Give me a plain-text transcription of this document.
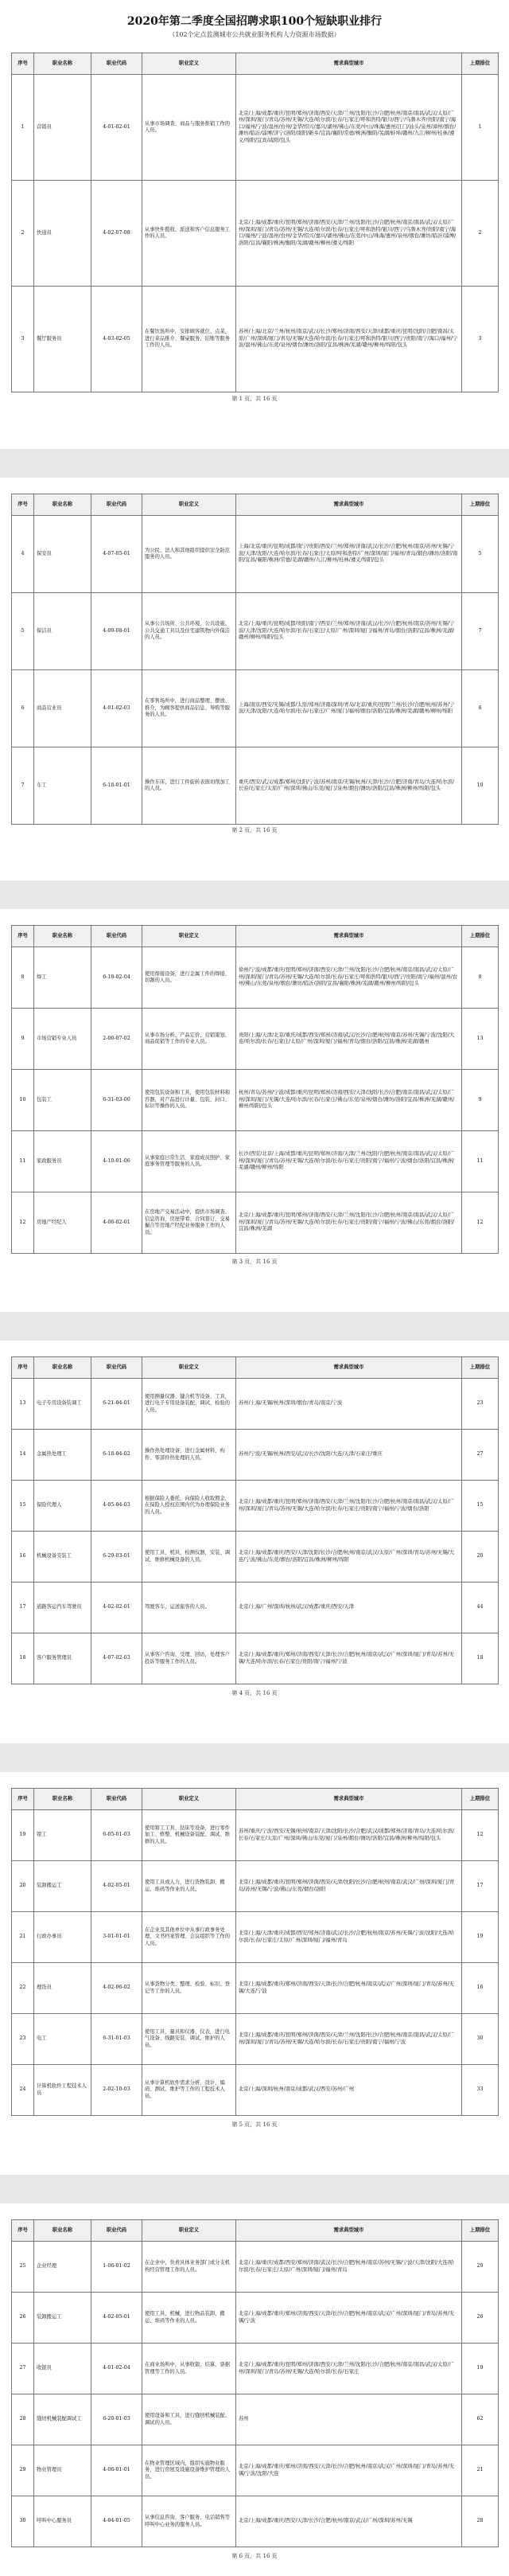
2020年第二季度全国招聘求职100个短缺职业排行
（102个定点监测城市公共就业服务机构人力资源市场数据）
序号	职业名称	职业代码	职业定义	需求典型城市	上期排位
1	营销员	4-01-02-01	从事市场调查、商品与服务推销工作的人员。	北京/上海/成都/重庆/昆明/郑州/济南/西安/天津/兰州/沈阳/长沙/合肥/杭州/南京/南昌/武汉/太原/广州/深圳/厦门/青岛/苏州/无锡/大连/哈尔滨/长春/石家庄/呼和浩特/银川/西宁/乌鲁木齐/贵阳/南宁/海口/福州/宁波/温州/台州/金华/绍兴/嘉兴/湖州/佛山/东莞/中山/珠海/惠州/江门/汕头/泉州/漳州/烟台/潍坊/临沂/淄博/济宁/洛阳/南阳/新乡/宜昌/襄阳/常德/株洲/衡阳/芜湖/蚌埠/赣州/九江/柳州/桂林/遵义/绵阳/宜宾/咸阳/包头	1
2	快递员	4-02-07-08	从事快件揽收、派送和客户信息服务工作的人员。	北京/上海/成都/重庆/昆明/郑州/济南/西安/天津/兰州/沈阳/长沙/合肥/杭州/南京/南昌/武汉/太原/广州/深圳/厦门/青岛/苏州/无锡/大连/哈尔滨/长春/石家庄/呼和浩特/银川/西宁/乌鲁木齐/贵阳/南宁/海口/福州/宁波/温州/台州/金华/绍兴/嘉兴/湖州/佛山/东莞/中山/珠海/惠州/泉州/烟台/潍坊/临沂/淄博/洛阳/宜昌/襄阳/株洲/衡阳/芜湖/赣州/柳州/遵义/绵阳	2
3	餐厅服务员	4-03-02-05	在餐饮场所中，安排顾客就位、点菜，进行菜品推介、餐桌服务、结账等服务工作的人员。	苏州/上海/北京/兰州/杭州/南京/武汉/长沙/郑州/济南/西安/天津/成都/重庆/昆明/沈阳/合肥/南昌/太原/广州/深圳/厦门/青岛/无锡/大连/哈尔滨/长春/石家庄/呼和浩特/银川/西宁/贵阳/南宁/海口/福州/宁波/温州/佛山/东莞/泉州/烟台/潍坊/洛阳/宜昌/株洲/芜湖/赣州/柳州/绵阳/包头	3
第 1 页，共 16 页
序号	职业名称	职业代码	职业定义	需求典型城市	上期排位
4	保安员	4-07-05-01	为公民、法人和其他组织提供安全防范服务的人员。	上海/北京/重庆/昆明/成都/南宁/贵阳/西安/兰州/郑州/济南/武汉/长沙/合肥/杭州/南京/苏州/无锡/宁波/天津/沈阳/大连/哈尔滨/长春/石家庄/太原/呼和浩特/广州/深圳/厦门/福州/青岛/烟台/潍坊/洛阳/南阳/宜昌/襄阳/株洲/常德/芜湖/赣州/九江/柳州/桂林/遵义/绵阳/包头	5
5	保洁员	4-09-08-01	从事公共场所、公共环境、公共设施、公共交通工具以及住宅建筑物内外保洁的人员。	北京/上海/重庆/昆明/成都/贵阳/南宁/西安/兰州/郑州/济南/武汉/长沙/合肥/杭州/南京/苏州/无锡/宁波/天津/沈阳/大连/哈尔滨/长春/石家庄/太原/广州/深圳/厦门/福州/青岛/烟台/洛阳/宜昌/株洲/芜湖/赣州/柳州/绵阳/包头	7
6	商品营业员	4-01-02-03	在零售场所中，进行商品整理、摆放、推介，为顾客提供商品信息、导购等服务的人员。	上海/南京/西安/无锡/成都/太原/郑州/济南/深圳/青岛/北京/重庆/昆明/兰州/长沙/合肥/杭州/苏州/宁波/天津/沈阳/大连/哈尔滨/长春/石家庄/广州/厦门/福州/烟台/洛阳/宜昌/株洲/芜湖/赣州/柳州/绵阳	6
7	车工	6-18-01-01	操作车床，进行工件旋转表面切削加工的人员。	重庆/西安/武汉/成都/郑州/沈阳/宁波/苏州/南京/无锡/杭州/天津/长沙/合肥/济南/青岛/大连/哈尔滨/长春/石家庄/太原/广州/深圳/佛山/东莞/厦门/泉州/烟台/潍坊/洛阳/宜昌/株洲/柳州/绵阳/包头	10
第 2 页，共 16 页
序号	职业名称	职业代码	职业定义	需求典型城市	上期排位
8	焊工	6-18-02-04	使用焊接设备，进行金属工件的焊接、切割的人员。	徐州/宁波/成都/重庆/昆明/郑州/济南/西安/天津/兰州/沈阳/长沙/合肥/杭州/南京/南昌/武汉/太原/广州/深圳/厦门/青岛/苏州/无锡/大连/哈尔滨/长春/石家庄/呼和浩特/银川/西宁/贵阳/南宁/福州/温州/台州/佛山/东莞/泉州/烟台/潍坊/临沂/洛阳/宜昌/襄阳/株洲/芜湖/赣州/柳州/绵阳/包头	8
9	市场营销专业人员	2-06-07-02	从事市场分析、产品定价、营销策划、商品促销等工作的专业人员。	贵阳/上海/天津/北京/重庆/成都/西安/郑州/济南/武汉/长沙/合肥/杭州/南京/苏州/无锡/宁波/沈阳/大连/哈尔滨/长春/石家庄/太原/广州/深圳/厦门/福州/青岛/烟台/洛阳/宜昌/株洲/芜湖/赣州	13
10	包装工	6-31-03-00	使用包装设备和工具，使用包装材料和容器，对产品进行计量、包装、封口、标识等操作的人员。	杭州/青岛/苏州/宁波/成都/重庆/昆明/郑州/济南/西安/天津/沈阳/长沙/合肥/南京/南昌/武汉/太原/广州/深圳/厦门/无锡/大连/哈尔滨/长春/石家庄/佛山/东莞/泉州/烟台/潍坊/洛阳/宜昌/株洲/芜湖/赣州/柳州/绵阳/包头	9
11	家政服务员	4-10-01-06	从事家庭日常生活、家庭成员照护、家庭事务管理等服务的人员。	长沙/西安/北京/上海/成都/重庆/昆明/郑州/济南/天津/兰州/沈阳/合肥/杭州/南京/南昌/武汉/太原/广州/深圳/厦门/青岛/苏州/无锡/大连/哈尔滨/长春/石家庄/贵阳/南宁/福州/宁波/烟台/洛阳/宜昌/株洲/芜湖/赣州/柳州/绵阳	11
12	房地产经纪人	4-06-02-01	在房地产交易活动中，提供市场调查、信息咨询、房屋带看、合同签订、交易撮合等房地产经纪业务服务工作的人员。	北京/上海/成都/重庆/昆明/郑州/济南/西安/天津/兰州/沈阳/长沙/合肥/杭州/南京/南昌/武汉/太原/广州/深圳/厦门/青岛/苏州/无锡/大连/哈尔滨/长春/石家庄/贵阳/南宁/福州/宁波/佛山/东莞/烟台/洛阳/宜昌/株洲/芜湖	12
第 3 页，共 16 页
序号	职业名称	职业代码	职业定义	需求典型城市	上期排位
13	电子专用设备装调工	6-21-04-01	使用测量仪器、键合机等设备、工具，进行电子专用设备装配、调试、检验的人员。	苏州/上海/无锡/杭州/深圳/烟台/青岛/南京/宁波	23
14	金属热处理工	6-18-04-02	操作热处理设备，进行金属材料、构件、零部件热处理的人员。	苏州/宁波/无锡/杭州/西安/武汉/长沙/沈阳/大连/天津/石家庄/重庆	27
15	保险代理人	4-05-04-03	根据保险人委托，向保险人收取佣金，在保险人授权范围内代为办理保险业务的人员。	北京/上海/成都/重庆/昆明/郑州/济南/西安/天津/兰州/沈阳/长沙/合肥/杭州/南京/南昌/武汉/太原/广州/深圳/厦门/青岛/苏州/无锡/大连/哈尔滨/长春/石家庄/贵阳/南宁/福州/宁波/烟台/洛阳	15
16	机械设备安装工	6-29-03-01	使用工具、机具、检测仪器，安装、调试、维修机械设备的人员。	北京/上海/成都/重庆/西安/天津/沈阳/长沙/合肥/杭州/南京/武汉/太原/广州/深圳/青岛/苏州/无锡/大连/宁波/佛山/东莞/烟台/洛阳/宜昌/株洲/柳州/绵阳	20
17	道路客运汽车驾驶员	4-02-02-01	驾驶客车，运送旅客的人员。	北京/上海/广州/深圳/杭州/武汉/成都/重庆/西安/天津	44
18	客户服务管理员	4-07-02-03	从事客户咨询、受理、回访，处理客户投诉等服务工作的人员。	北京/上海/成都/重庆/郑州/济南/西安/天津/长沙/合肥/杭州/南京/武汉/广州/深圳/厦门/青岛/苏州/无锡/大连/哈尔滨/长春/石家庄/贵阳/南宁/福州/宁波	18
第 4 页，共 16 页
序号	职业名称	职业代码	职业定义	需求典型城市	上期排位
19	钳工	6-05-01-03	使用钳工工具、钻床等设备，进行零件加工、修整、机械设备装配、调试、维修的人员。	苏州/重庆/宁波/西安/无锡/杭州/南京/天津/沈阳/长沙/合肥/武汉/成都/郑州/济南/青岛/大连/哈尔滨/长春/石家庄/太原/广州/深圳/佛山/东莞/厦门/泉州/烟台/潍坊/洛阳/宜昌/株洲/柳州/绵阳/包头	12
20	装卸搬运工	4-02-05-01	使用工具或人力，进行货物装卸、搬运、堆码等作业的人员。	北京/上海/成都/重庆/昆明/郑州/济南/西安/天津/沈阳/长沙/合肥/杭州/南京/武汉/广州/深圳/厦门/青岛/苏州/无锡/宁波/佛山/东莞/烟台/洛阳	17
21	行政办事员	3-01-01-01	在企业及其他单位中从事行政事务处理、文书档案管理、会议组织等工作的人员。	北京/上海/天津/重庆/成都/西安/郑州/济南/武汉/长沙/合肥/杭州/南京/苏州/无锡/宁波/沈阳/大连/哈尔滨/长春/石家庄/太原/广州/深圳/厦门/福州/青岛	19
22	理货员	4-02-06-02	从事货物分类、整理、检验、标识、登记等工作的人员。	北京/上海/成都/重庆/郑州/济南/西安/天津/长沙/合肥/杭州/南京/武汉/广州/深圳/厦门/青岛/苏州/无锡/大连/宁波	16
23	电工	6-31-01-03	使用工具、量具和仪器、仪表，进行电气设备、线路安装、调试、维护的人员。	北京/上海/成都/重庆/昆明/郑州/济南/西安/天津/兰州/沈阳/长沙/合肥/杭州/南京/南昌/武汉/太原/广州/深圳/厦门/青岛/苏州/无锡/大连/哈尔滨/长春/石家庄/贵阳/南宁/福州/宁波	30
24	计算机软件工程技术人员	2-02-10-03	从事计算机软件需求分析、设计、编码、测试、维护等工作的工程技术人员。	北京/上海/深圳/杭州/南京/成都/武汉/西安/苏州/广州	33
第 5 页，共 16 页
序号	职业名称	职业代码	职业定义	需求典型城市	上期排位
25	企业经理	1-06-01-02	在企业中，负责具体业务部门或分支机构经营管理工作的人员。	北京/上海/重庆/成都/西安/郑州/济南/武汉/长沙/合肥/杭州/南京/苏州/无锡/宁波/天津/沈阳/大连/哈尔滨/长春/石家庄/太原/广州/深圳/厦门/福州/青岛	29
26	装卸搬运工	4-02-05-01	使用工具、机械，进行物品装卸、搬运、堆码等作业的人员。	北京/上海/成都/重庆/郑州/济南/西安/天津/长沙/合肥/杭州/南京/武汉/广州/深圳/厦门/青岛/苏州/无锡/宁波	26
27	收银员	4-01-02-04	在商业场所中，从事收银、结算、票据管理等工作的人员。	北京/上海/成都/重庆/昆明/郑州/济南/西安/天津/兰州/沈阳/长沙/合肥/杭州/南京/南昌/武汉/太原/广州/深圳/厦门/青岛/苏州/无锡/大连/哈尔滨/长春/石家庄	19
28	缝纫机械装配调试工	6-20-01-03	使用设备和工具，进行缝纫机械装配、调试的人员。	苏州	62
29	物业管理员	4-06-01-01	在物业管理区域内，组织实施物业服务，进行房屋及设施设备维护管理的人员。	北京/上海/成都/重庆/郑州/济南/西安/天津/长沙/合肥/杭州/南京/武汉/广州/深圳/厦门/青岛/苏州/无锡/宁波/沈阳/大连	21
30	呼叫中心服务员	4-04-01-05	从事信息咨询、客户服务、电话销售等呼叫中心业务的服务人员。	北京/上海/成都/重庆/西安/天津/长沙/合肥/杭州/南京/武汉/广州/深圳/苏州/无锡	28
第 6 页，共 16 页
